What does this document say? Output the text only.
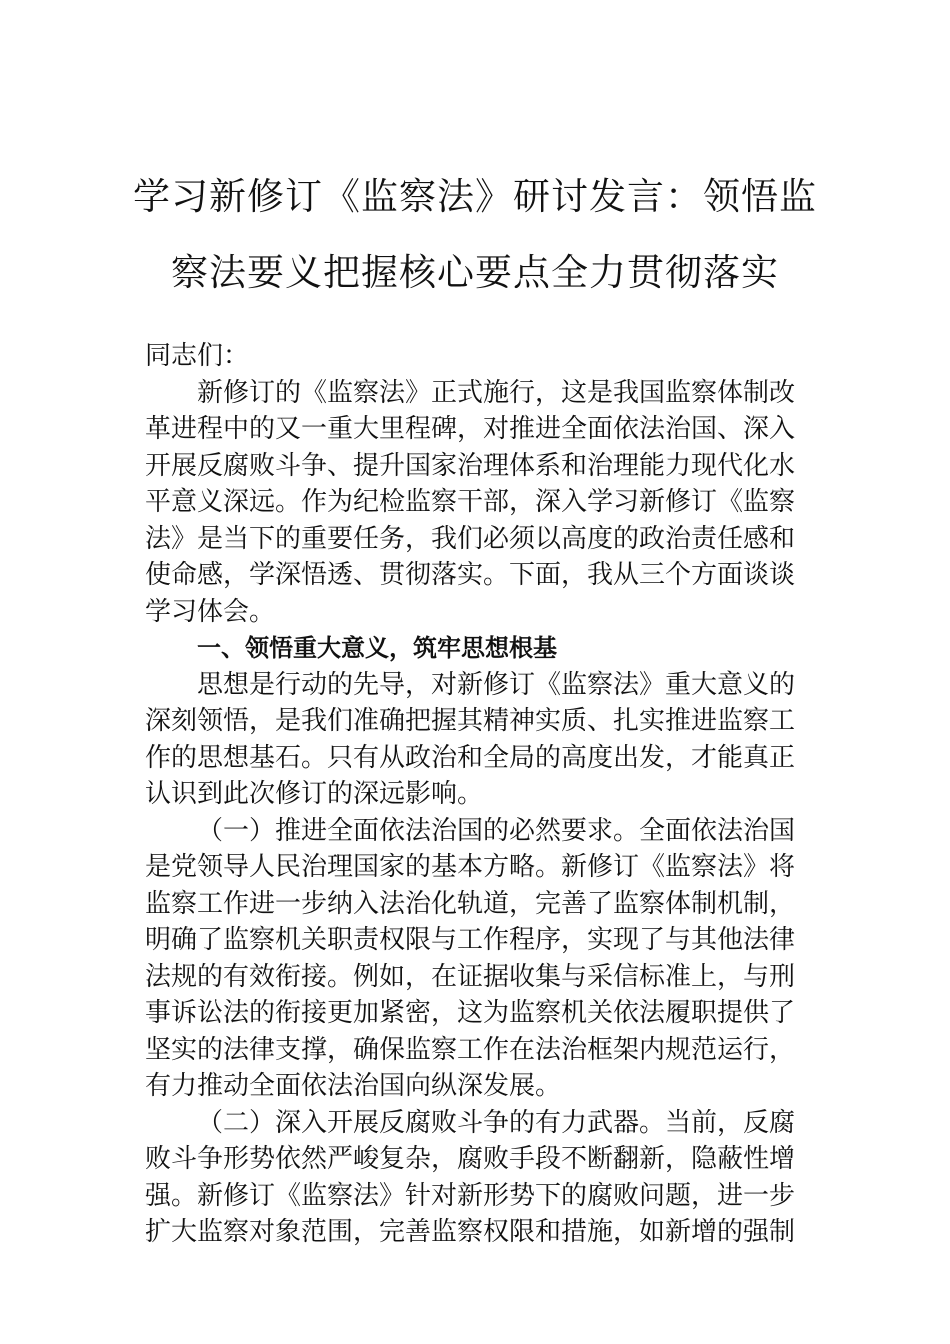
学习新修订《监察法》研讨发言：领悟监
察法要义把握核心要点全力贯彻落实
同志们：
新修订的《监察法》正式施行，这是我国监察体制改
革进程中的又一重大里程碑，对推进全面依法治国、深入
开展反腐败斗争、提升国家治理体系和治理能力现代化水
平意义深远。作为纪检监察干部，深入学习新修订《监察
法》是当下的重要任务，我们必须以高度的政治责任感和
使命感，学深悟透、贯彻落实。下面，我从三个方面谈谈
学习体会。
一、领悟重大意义，筑牢思想根基
思想是行动的先导，对新修订《监察法》重大意义的
深刻领悟，是我们准确把握其精神实质、扎实推进监察工
作的思想基石。只有从政治和全局的高度出发，才能真正
认识到此次修订的深远影响。
（一）推进全面依法治国的必然要求。全面依法治国
是党领导人民治理国家的基本方略。新修订《监察法》将
监察工作进一步纳入法治化轨道，完善了监察体制机制，
明确了监察机关职责权限与工作程序，实现了与其他法律
法规的有效衔接。例如，在证据收集与采信标准上，与刑
事诉讼法的衔接更加紧密，这为监察机关依法履职提供了
坚实的法律支撑，确保监察工作在法治框架内规范运行，
有力推动全面依法治国向纵深发展。
（二）深入开展反腐败斗争的有力武器。当前，反腐
败斗争形势依然严峻复杂，腐败手段不断翻新，隐蔽性增
强。新修订《监察法》针对新形势下的腐败问题，进一步
扩大监察对象范围，完善监察权限和措施，如新增的强制
